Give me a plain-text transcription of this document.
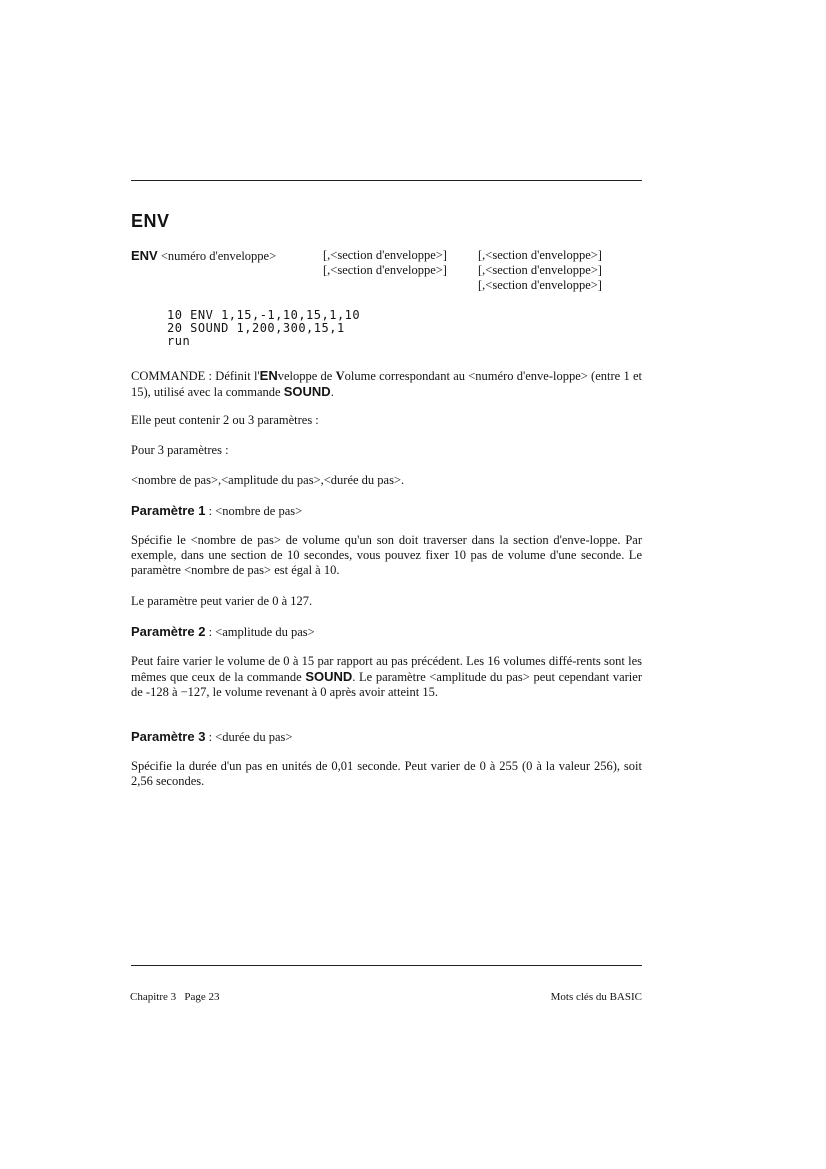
ENV
ENV <numéro d'enveloppe>	[,<section d'enveloppe>] [,<section d'enveloppe>]
[,<section d'enveloppe>] [,<section d'enveloppe>]
[,<section d'enveloppe>]
10 ENV 1,15,-1,10,15,1,10
20 SOUND 1,200,300,15,1
run
COMMANDE : Définit l'ENveloppe de Volume correspondant au <numéro d'enve-loppe> (entre 1 et 15), utilisé avec la commande SOUND.
Elle peut contenir 2 ou 3 paramètres :
Pour 3 paramètres :
<nombre de pas>,<amplitude du pas>,<durée du pas>.
Paramètre 1 : <nombre de pas>
Spécifie le <nombre de pas> de volume qu'un son doit traverser dans la section d'enve-loppe. Par exemple, dans une section de 10 secondes, vous pouvez fixer 10 pas de volume d'une seconde. Le paramètre <nombre de pas> est égal à 10.
Le paramètre peut varier de 0 à 127.
Paramètre 2 : <amplitude du pas>
Peut faire varier le volume de 0 à 15 par rapport au pas précédent. Les 16 volumes diffé-rents sont les mêmes que ceux de la commande SOUND. Le paramètre <amplitude du pas> peut cependant varier de -128 à −127, le volume revenant à 0 après avoir atteint 15.
Paramètre 3 : <durée du pas>
Spécifie la durée d'un pas en unités de 0,01 seconde. Peut varier de 0 à 255 (0 à la valeur 256), soit 2,56 secondes.
Chapitre 3   Page 23	Mots clés du BASIC
